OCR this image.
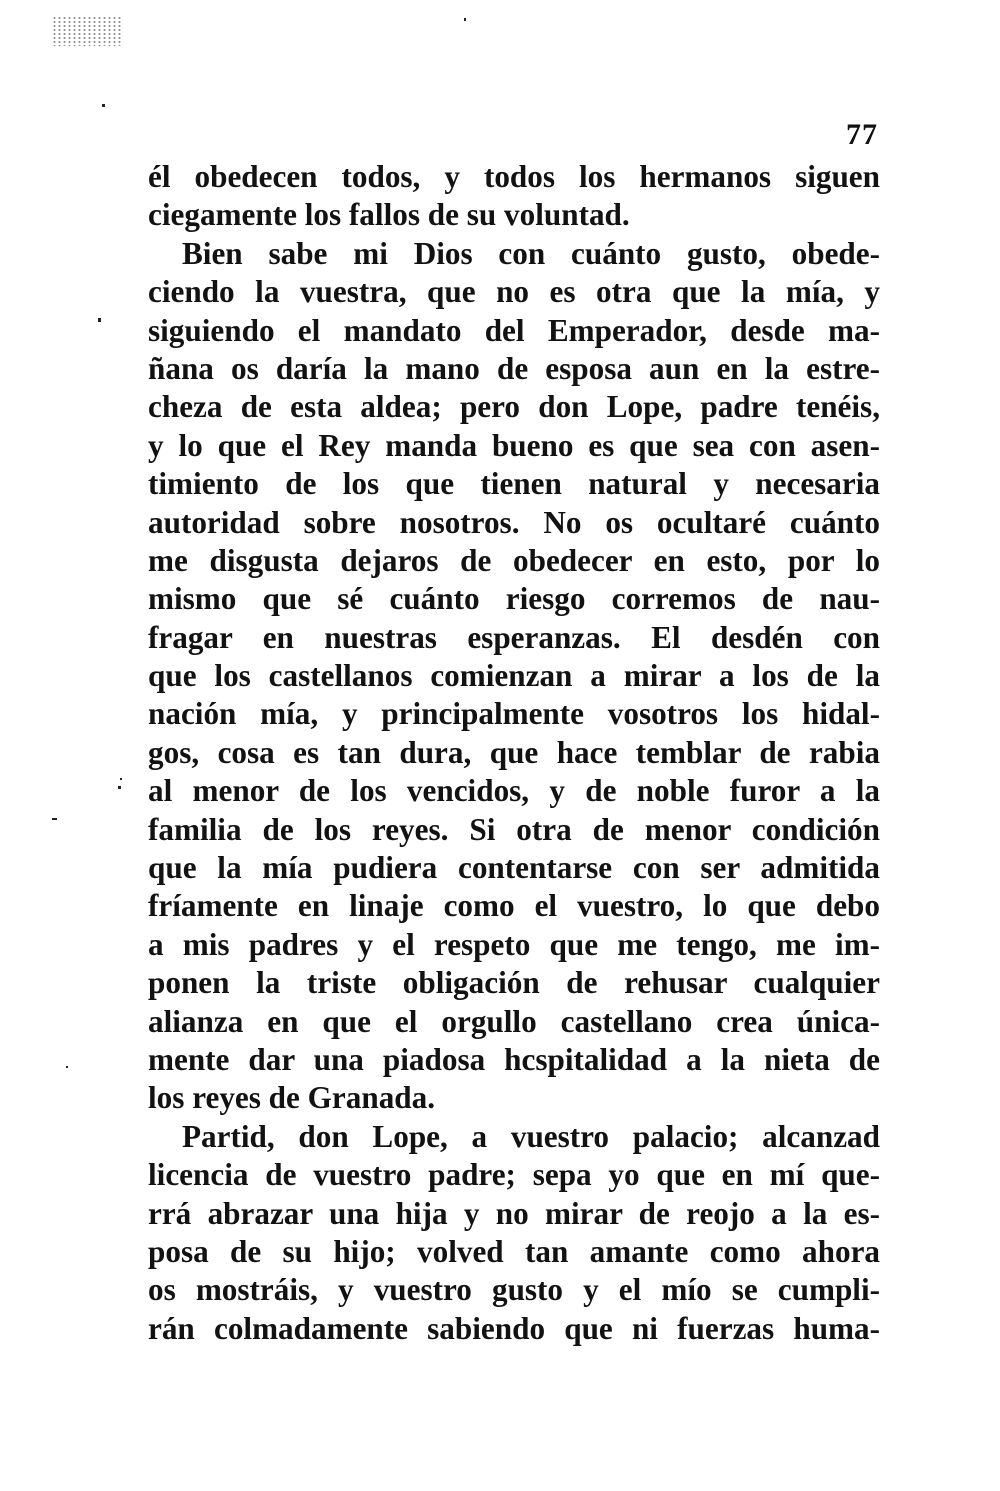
77
él obedecen todos, y todos los hermanos siguen
ciegamente los fallos de su voluntad.
Bien sabe mi Dios con cuánto gusto, obede-
ciendo la vuestra, que no es otra que la mía, y
siguiendo el mandato del Emperador, desde ma-
ñana os daría la mano de esposa aun en la estre-
cheza de esta aldea; pero don Lope, padre tenéis,
y lo que el Rey manda bueno es que sea con asen-
timiento de los que tienen natural y necesaria
autoridad sobre nosotros. No os ocultaré cuánto
me disgusta dejaros de obedecer en esto, por lo
mismo que sé cuánto riesgo corremos de nau-
fragar en nuestras esperanzas. El desdén con
que los castellanos comienzan a mirar a los de la
nación mía, y principalmente vosotros los hidal-
gos, cosa es tan dura, que hace temblar de rabia
al menor de los vencidos, y de noble furor a la
familia de los reyes. Si otra de menor condición
que la mía pudiera contentarse con ser admitida
fríamente en linaje como el vuestro, lo que debo
a mis padres y el respeto que me tengo, me im-
ponen la triste obligación de rehusar cualquier
alianza en que el orgullo castellano crea única-
mente dar una piadosa hcspitalidad a la nieta de
los reyes de Granada.
Partid, don Lope, a vuestro palacio; alcanzad
licencia de vuestro padre; sepa yo que en mí que-
rrá abrazar una hija y no mirar de reojo a la es-
posa de su hijo; volved tan amante como ahora
os mostráis, y vuestro gusto y el mío se cumpli-
rán colmadamente sabiendo que ni fuerzas huma-
